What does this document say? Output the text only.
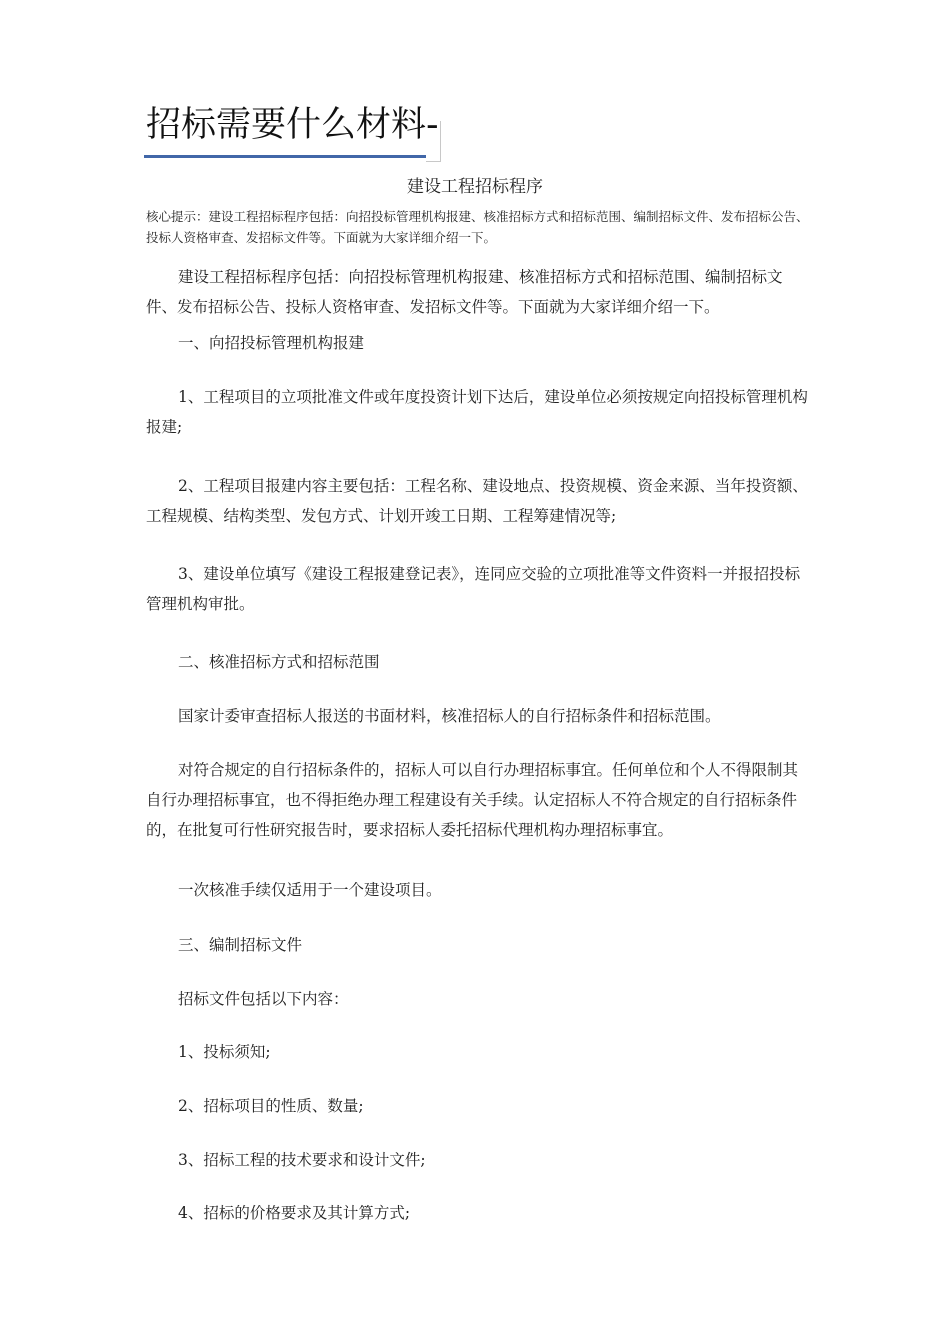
招标需要什么材料-
建设工程招标程序
核心提示：建设工程招标程序包括：向招投标管理机构报建、核准招标方式和招标范围、编制招标文件、发布招标公告、投标人资格审查、发招标文件等。下面就为大家详细介绍一下。

建设工程招标程序包括：向招投标管理机构报建、核准招标方式和招标范围、编制招标文件、发布招标公告、投标人资格审查、发招标文件等。下面就为大家详细介绍一下。

一、向招投标管理机构报建

1、工程项目的立项批准文件或年度投资计划下达后，建设单位必须按规定向招投标管理机构报建;

2、工程项目报建内容主要包括：工程名称、建设地点、投资规模、资金来源、当年投资额、工程规模、结构类型、发包方式、计划开竣工日期、工程筹建情况等;

3、建设单位填写《建设工程报建登记表》，连同应交验的立项批准等文件资料一并报招投标管理机构审批。

二、核准招标方式和招标范围

国家计委审查招标人报送的书面材料，核准招标人的自行招标条件和招标范围。

对符合规定的自行招标条件的，招标人可以自行办理招标事宜。任何单位和个人不得限制其自行办理招标事宜，也不得拒绝办理工程建设有关手续。认定招标人不符合规定的自行招标条件的，在批复可行性研究报告时，要求招标人委托招标代理机构办理招标事宜。

一次核准手续仅适用于一个建设项目。

三、编制招标文件

招标文件包括以下内容：

1、投标须知;

2、招标项目的性质、数量;

3、招标工程的技术要求和设计文件;

4、招标的价格要求及其计算方式;
